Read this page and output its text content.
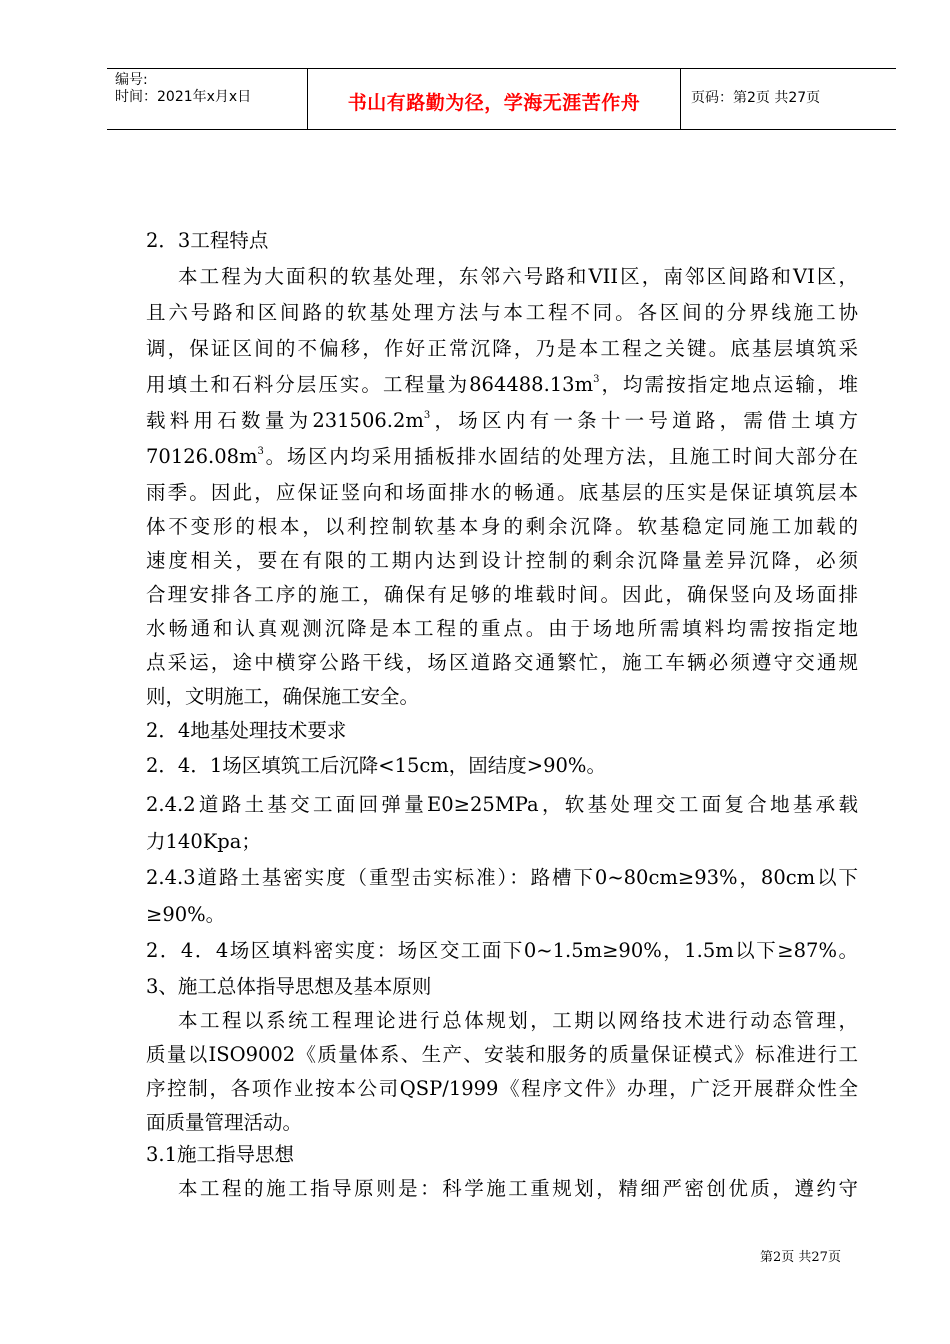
编号:
时间：2021年x月x日	书山有路勤为径，学海无涯苦作舟	页码：第2页 共27页
2．3工程特点
本工程为大面积的软基处理，东邻六号路和VII区，南邻区间路和VI区，
且六号路和区间路的软基处理方法与本工程不同。各区间的分界线施工协
调，保证区间的不偏移，作好正常沉降，乃是本工程之关键。底基层填筑采
用填土和石料分层压实。工程量为$864488.13m^3$，均需按指定地点运输，堆
载料用石数量为$231506.2m^3$，场区内有一条十一号道路，需借土填方
$70126.08m^3$。场区内均采用插板排水固结的处理方法，且施工时间大部分在
雨季。因此，应保证竖向和场面排水的畅通。底基层的压实是保证填筑层本
体不变形的根本，以利控制软基本身的剩余沉降。软基稳定同施工加载的
速度相关，要在有限的工期内达到设计控制的剩余沉降量差异沉降，必须
合理安排各工序的施工，确保有足够的堆载时间。因此，确保竖向及场面排
水畅通和认真观测沉降是本工程的重点。由于场地所需填料均需按指定地
点采运，途中横穿公路干线，场区道路交通繁忙，施工车辆必须遵守交通规
则，文明施工，确保施工安全。
2．4地基处理技术要求
2．4．1场区填筑工后沉降<15cm，固结度>90%。
2.4.2道路土基交工面回弹量E0≥25MPa，软基处理交工面复合地基承载
力140Kpa；
2.4.3道路土基密实度（重型击实标准）：路槽下0~80cm≥93%，80cm以下
≥90%。
2．4．4场区填料密实度：场区交工面下0~1.5m≥90%，1.5m以下≥87%。
3、施工总体指导思想及基本原则
本工程以系统工程理论进行总体规划，工期以网络技术进行动态管理，
质量以ISO9002《质量体系、生产、安装和服务的质量保证模式》标准进行工
序控制，各项作业按本公司QSP/1999《程序文件》办理，广泛开展群众性全
面质量管理活动。
3.1施工指导思想
本工程的施工指导原则是：科学施工重规划，精细严密创优质，遵约守
第2页 共27页
